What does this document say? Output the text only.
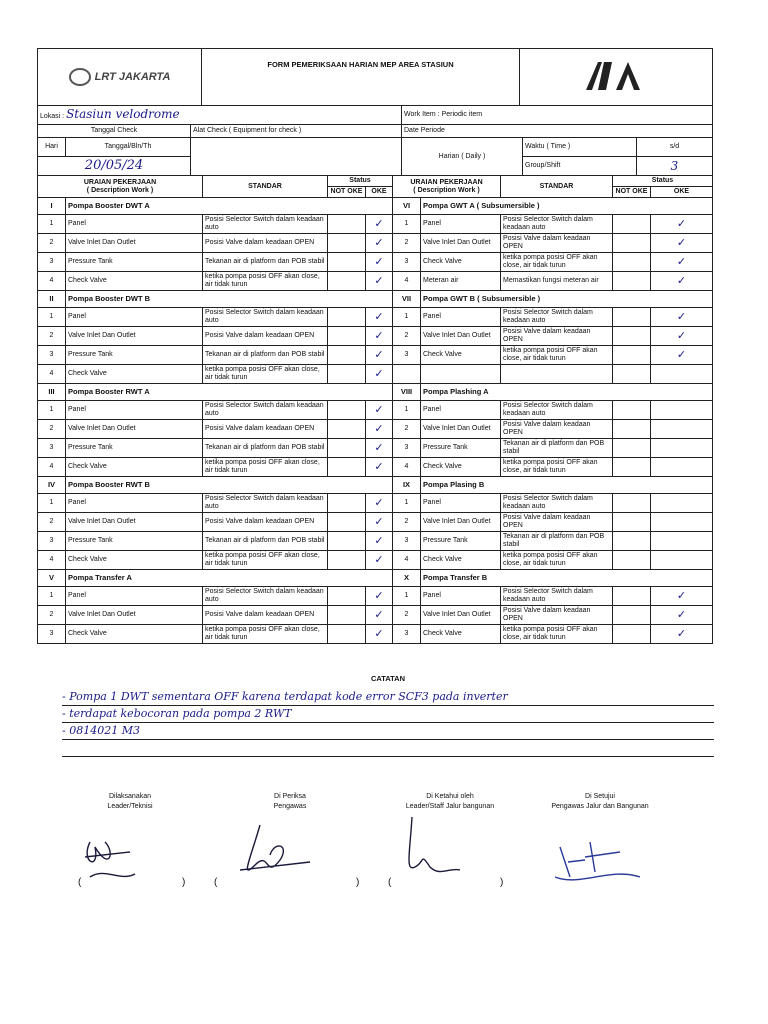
LRT JAKARTA	FORM PEMERIKSAAN HARIAN MEP AREA STASIUN	
Lokasi : Stasiun velodrome			Work Item : Periodic item		
Tanggal Check		Alat Check ( Equipment for check )	Date Periode		
Hari	Tanggal/Bln/Th		Harian ( Daily )	Waktu ( Time )	s/d
20/05/24				Group/Shift	3
URAIAN PEKERJAAN
( Description Work )		STANDAR	Status		URAIAN PEKERJAAN
( Description Work )		STANDAR	Status	
			NOT OKE	OKE				NOT OKE	OKE
I	Pompa Booster DWT A				VI	Pompa GWT A ( Subsumersible )			
1	Panel	Posisi Selector Switch dalam keadaan auto		✓	1	Panel	Posisi Selector Switch dalam keadaan auto		✓
2	Valve Inlet Dan Outlet	Posisi Valve dalam keadaan OPEN		✓	2	Valve Inlet Dan Outlet	Posisi Valve dalam keadaan OPEN		✓
3	Pressure Tank	Tekanan air di platform dan POB stabil		✓	3	Check Valve	ketika pompa posisi OFF akan close, air tidak turun		✓
4	Check Valve	ketika pompa posisi OFF akan close, air tidak turun		✓	4	Meteran air	Memastikan fungsi meteran air		✓
II	Pompa Booster DWT B				VII	Pompa GWT B ( Subsumersible )			
1	Panel	Posisi Selector Switch dalam keadaan auto		✓	1	Panel	Posisi Selector Switch dalam keadaan auto		✓
2	Valve Inlet Dan Outlet	Posisi Valve dalam keadaan OPEN		✓	2	Valve Inlet Dan Outlet	Posisi Valve dalam keadaan OPEN		✓
3	Pressure Tank	Tekanan air di platform dan POB stabil		✓	3	Check Valve	ketika pompa posisi OFF akan close, air tidak turun		✓
4	Check Valve	ketika pompa posisi OFF akan close, air tidak turun		✓					
III	Pompa Booster RWT A				VIII	Pompa Plashing A			
1	Panel	Posisi Selector Switch dalam keadaan auto		✓	1	Panel	Posisi Selector Switch dalam keadaan auto		
2	Valve Inlet Dan Outlet	Posisi Valve dalam keadaan OPEN		✓	2	Valve Inlet Dan Outlet	Posisi Valve dalam keadaan OPEN		
3	Pressure Tank	Tekanan air di platform dan POB stabil		✓	3	Pressure Tank	Tekanan air di platform dan POB stabil		
4	Check Valve	ketika pompa posisi OFF akan close, air tidak turun		✓	4	Check Valve	ketika pompa posisi OFF akan close, air tidak turun		
IV	Pompa Booster RWT B				IX	Pompa Plasing B			
1	Panel	Posisi Selector Switch dalam keadaan auto		✓	1	Panel	Posisi Selector Switch dalam keadaan auto		
2	Valve Inlet Dan Outlet	Posisi Valve dalam keadaan OPEN		✓	2	Valve Inlet Dan Outlet	Posisi Valve dalam keadaan OPEN		
3	Pressure Tank	Tekanan air di platform dan POB stabil		✓	3	Pressure Tank	Tekanan air di platform dan POB stabil		
4	Check Valve	ketika pompa posisi OFF akan close, air tidak turun		✓	4	Check Valve	ketika pompa posisi OFF akan close, air tidak turun		
V	Pompa Transfer A				X	Pompa Transfer B			
1	Panel	Posisi Selector Switch dalam keadaan auto		✓	1	Panel	Posisi Selector Switch dalam keadaan auto		✓
2	Valve Inlet Dan Outlet	Posisi Valve dalam keadaan OPEN		✓	2	Valve Inlet Dan Outlet	Posisi Valve dalam keadaan OPEN		✓
3	Check Valve	ketika pompa posisi OFF akan close, air tidak turun		✓	3	Check Valve	ketika pompa posisi OFF akan close, air tidak turun		✓
CATATAN
- Pompa 1 DWT sementara OFF karena terdapat kode error SCF3 pada inverter
- terdapat kebocoran pada pompa 2 RWT
- 0814021 M3
Dilaksanakan
Leader/Teknisi
(	)
Di Periksa
Pengawas
(	)
Di Ketahui oleh
Leader/Staff Jalur bangunan
(	)
Di Setujui
Pengawas Jalur dan Bangunan
